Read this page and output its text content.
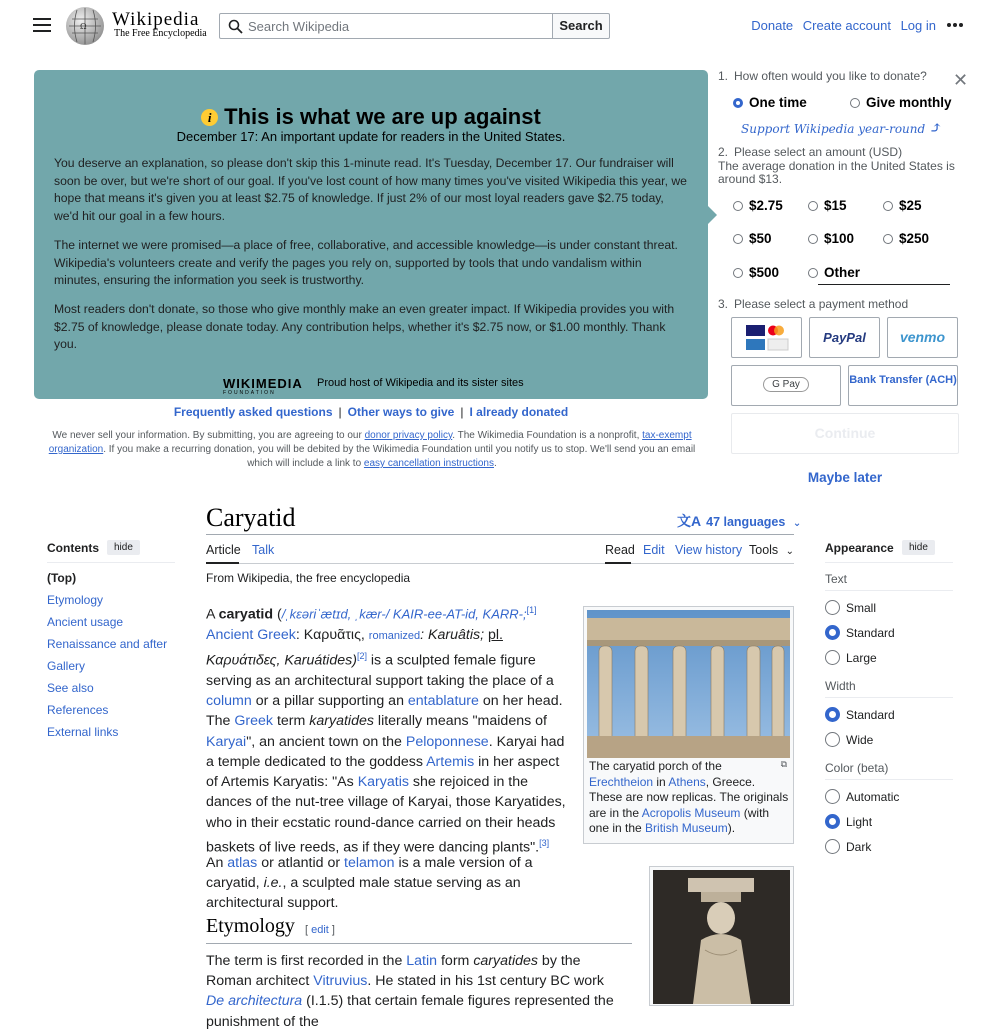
Ω Wikipedia
The Free Encyclopedia
Search Wikipedia
Search	Donate Create account Log in
i This is what we are up against
December 17: An important update for readers in the United States.
You deserve an explanation, so please don't skip this 1-minute read. It's Tuesday, December 17. Our fundraiser will soon be over, but we're short of our goal. If you've lost count of how many times you've visited Wikipedia this year, we hope that means it's given you at least $2.75 of knowledge. If just 2% of our most loyal readers gave $2.75 today, we'd hit our goal in a few hours.
The internet we were promised—a place of free, collaborative, and accessible knowledge—is under constant threat. Wikipedia's volunteers create and verify the pages you rely on, supported by tools that undo vandalism within minutes, ensuring the information you seek is trustworthy.
Most readers don't donate, so those who give monthly make an even greater impact. If Wikipedia provides you with $2.75 of knowledge, please donate today. Any contribution helps, whether it's $2.75 now, or $1.00 monthly. Thank you.
WIKIMEDIA
FOUNDATION
Proud host of Wikipedia and its sister sites
Frequently asked questions | Other ways to give | I already donated
We never sell your information. By submitting, you are agreeing to our donor privacy policy. The Wikimedia Foundation is a nonprofit, tax-exempt organization. If you make a recurring donation, you will be debited by the Wikimedia Foundation until you notify us to stop. We'll send you an email which will include a link to easy cancellation instructions.
✕
1. How often would you like to donate?
One time	Give monthly
Support Wikipedia year-round ⤴
2. Please select an amount (USD)
The average donation in the United States is around $13.
$2.75	$15	$25
$50	$100	$250
$500	Other
3. Please select a payment method
PayPal	venmo
G Pay	Bank Transfer (ACH)
Continue
Maybe later
Caryatid	文A 47 languages ⌄
Article Talk	Read Edit View history Tools ⌄
From Wikipedia, the free encyclopedia
A caryatid (/ˌkɛəriˈætɪd, ˌkær-/ KAIR-ee-AT-id, KARR-;[1] Ancient Greek: Καρυᾶτις, romanized: Karuâtis; pl. Καρυάτιδες, Karuátides)[2] is a sculpted female figure serving as an architectural support taking the place of a column or a pillar supporting an entablature on her head. The Greek term karyatides literally means "maidens of Karyai", an ancient town on the Peloponnese. Karyai had a temple dedicated to the goddess Artemis in her aspect of Artemis Karyatis: "As Karyatis she rejoiced in the dances of the nut-tree village of Karyai, those Karyatides, who in their ecstatic round-dance carried on their heads baskets of live reeds, as if they were dancing plants".[3]
An atlas or atlantid or telamon is a male version of a caryatid, i.e., a sculpted male statue serving as an architectural support.
⧉
The caryatid porch of the Erechtheion in Athens, Greece. These are now replicas. The originals are in the Acropolis Museum (with one in the British Museum).
Etymology [ edit ]
The term is first recorded in the Latin form caryatides by the Roman architect Vitruvius. He stated in his 1st century BC work De architectura (I.1.5) that certain female figures represented the punishment of the
Contents	hide
(Top)
Etymology
Ancient usage
Renaissance and after
Gallery
See also
References
External links
Appearance	hide
Text
Small
Standard
Large
Width
Standard
Wide
Color (beta)
Automatic
Light
Dark
